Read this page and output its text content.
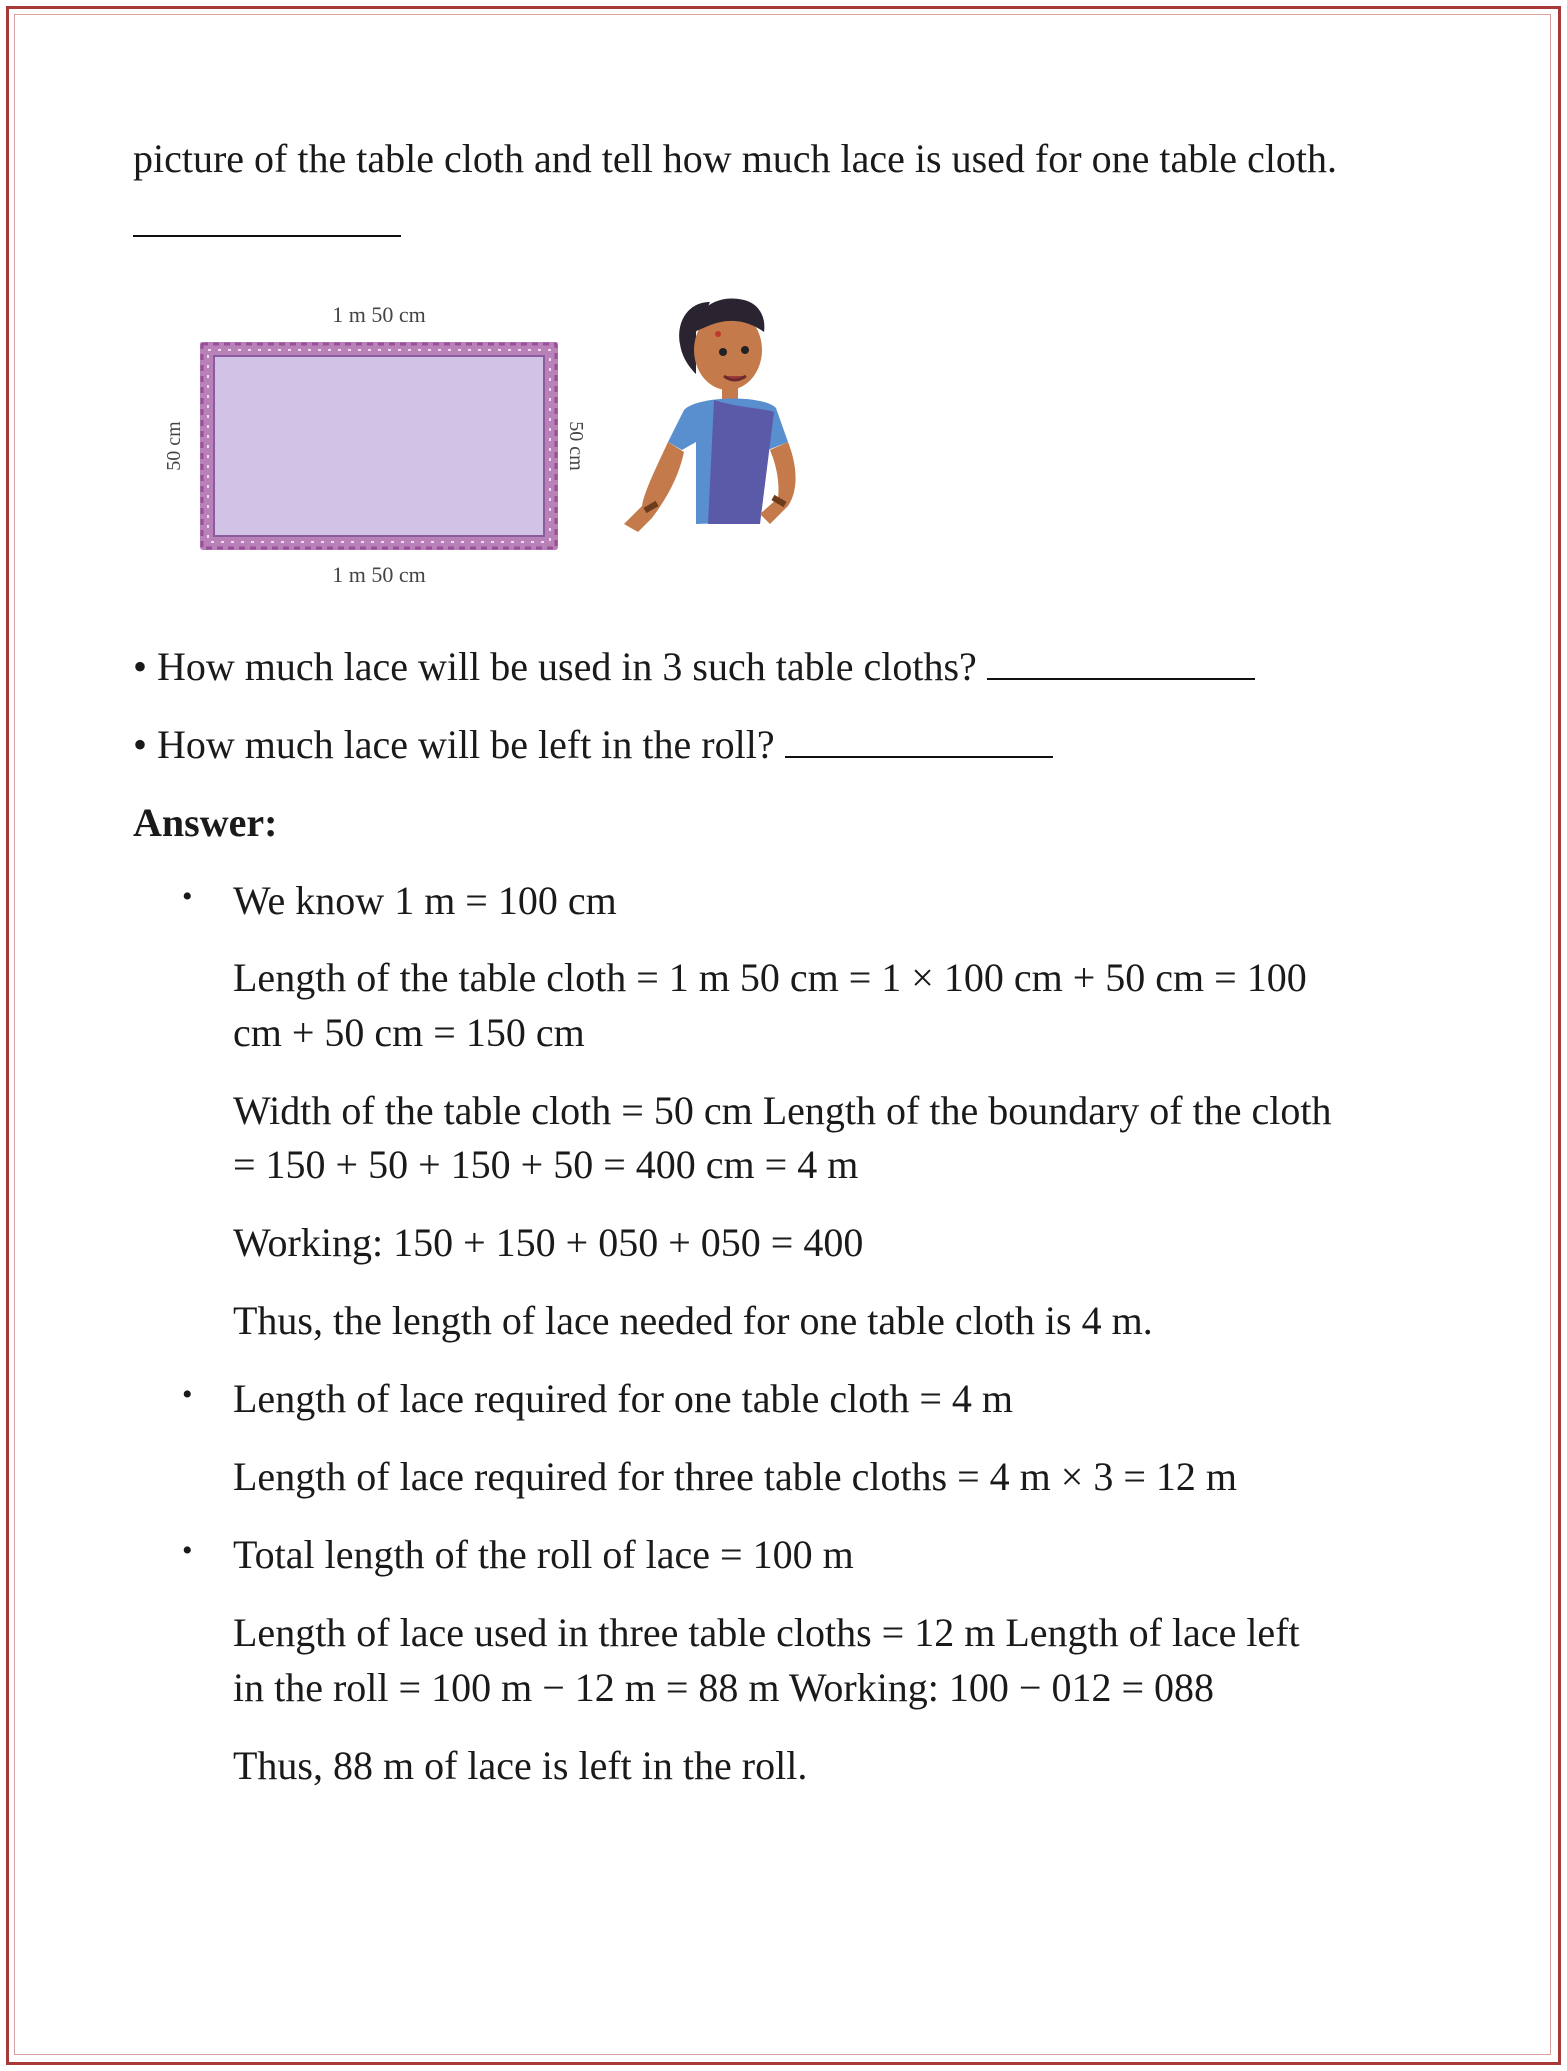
picture of the table cloth and tell how much lace is used for one table cloth.
1 m 50 cm
1 m 50 cm
50 cm	50 cm
• How much lace will be used in 3 such table cloths?
• How much lace will be left in the roll?
Answer:
• We know 1 m = 100 cm
Length of the table cloth = 1 m 50 cm = 1 × 100 cm + 50 cm = 100
cm + 50 cm = 150 cm
Width of the table cloth = 50 cm Length of the boundary of the cloth
= 150 + 50 + 150 + 50 = 400 cm = 4 m
Working: 150 + 150 + 050 + 050 = 400
Thus, the length of lace needed for one table cloth is 4 m.
• Length of lace required for one table cloth = 4 m
Length of lace required for three table cloths = 4 m × 3 = 12 m
• Total length of the roll of lace = 100 m
Length of lace used in three table cloths = 12 m Length of lace left
in the roll = 100 m − 12 m = 88 m Working: 100 − 012 = 088
Thus, 88 m of lace is left in the roll.
